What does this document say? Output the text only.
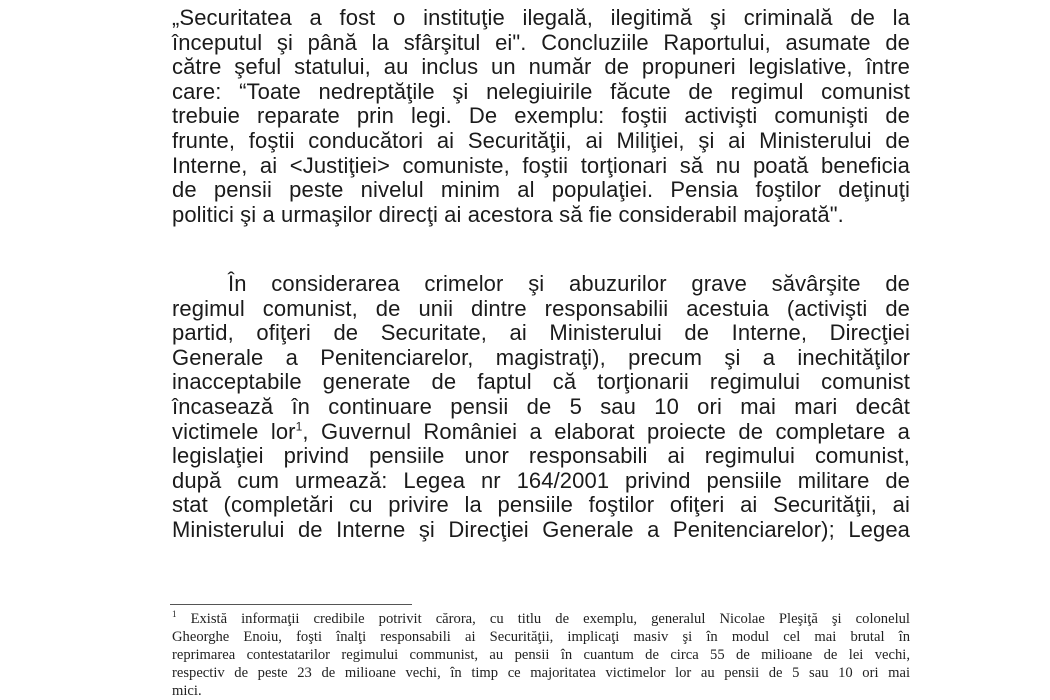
„Securitatea a fost o instituţie ilegală, ilegitimă şi criminală de la
începutul şi până la sfârşitul ei". Concluziile Raportului, asumate de
către şeful statului, au inclus un număr de propuneri legislative, între
care: “Toate nedreptăţile şi nelegiuirile făcute de regimul comunist
trebuie reparate prin legi. De exemplu: foştii activişti comunişti de
frunte, foştii conducători ai Securităţii, ai Miliţiei, şi ai Ministerului de
Interne, ai <Justiţiei> comuniste, foştii torţionari să nu poată beneficia
de pensii peste nivelul minim al populaţiei. Pensia foştilor deţinuţi
politici şi a urmaşilor direcţi ai acestora să fie considerabil majorată".

În considerarea crimelor şi abuzurilor grave săvârşite de
regimul comunist, de unii dintre responsabilii acestuia (activişti de
partid, ofiţeri de Securitate, ai Ministerului de Interne, Direcţiei
Generale a Penitenciarelor, magistraţi), precum şi a inechităţilor
inacceptabile generate de faptul că torţionarii regimului comunist
încasează în continuare pensii de 5 sau 10 ori mai mari decât
victimele lor$^1$, Guvernul României a elaborat proiecte de completare a
legislaţiei privind pensiile unor responsabili ai regimului comunist,
după cum urmează: Legea nr 164/2001 privind pensiile militare de
stat (completări cu privire la pensiile foştilor ofiţeri ai Securităţii, ai
Ministerului de Interne şi Direcţiei Generale a Penitenciarelor); Legea

$^1$ Există informaţii credibile potrivit cărora, cu titlu de exemplu, generalul Nicolae Pleşiţă şi colonelul
Gheorghe Enoiu, foşti înalţi responsabili ai Securităţii, implicaţi masiv şi în modul cel mai brutal în
reprimarea contestatarilor regimului communist, au pensii în cuantum de circa 55 de milioane de lei vechi,
respectiv de peste 23 de milioane vechi, în timp ce majoritatea victimelor lor au pensii de 5 sau 10 ori mai
mici.
